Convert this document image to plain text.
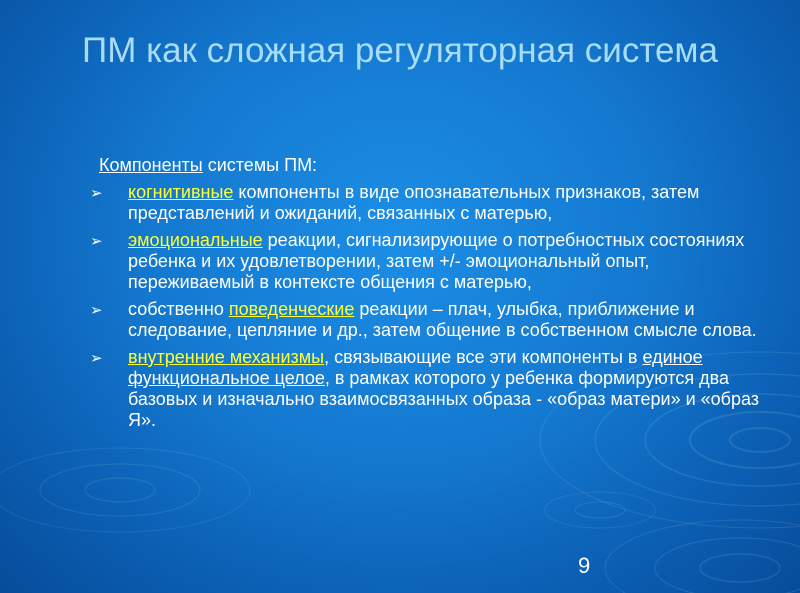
ПМ как сложная регуляторная система
Компоненты системы ПМ:
➢ когнитивные компоненты в виде опознавательных признаков, затем представлений и ожиданий, связанных с матерью,
➢ эмоциональные реакции, сигнализирующие о потребностных состояниях ребенка и их удовлетворении, затем +/- эмоциональный опыт, переживаемый в контексте общения с матерью,
➢ собственно поведенческие реакции – плач, улыбка, приближение и следование, цепляние и др., затем общение в собственном смысле слова.
➢ внутренние механизмы, связывающие все эти компоненты в единое функциональное целое, в рамках которого у ребенка формируются два базовых и изначально взаимосвязанных образа - «образ матери» и «образ Я».
9
